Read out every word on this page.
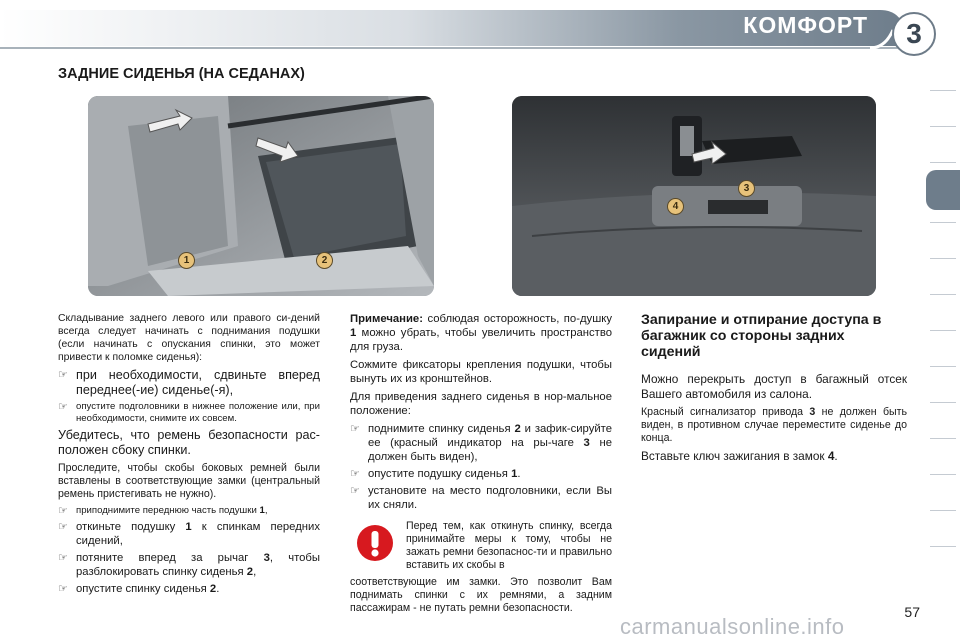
КОМФОРТ	3
ЗАДНИЕ СИДЕНЬЯ (НА СЕДАНАХ)
1	2
3
4

Складывание заднего левого или правого си-дений всегда следует начинать с поднимания подушки (если начинать с опускания спинки, это может привести к поломке сиденья):

☞ при необходимости, сдвиньте вперед переднее(-ие) сиденье(-я),
☞ опустите подголовники в нижнее положение или, при необходимости, снимите их совсем.

Убедитесь, что ремень безопасности рас-положен сбоку спинки.

Проследите, чтобы скобы боковых ремней были вставлены в соответствующие замки (центральный ремень пристегивать не нужно).

☞ приподнимите переднюю часть подушки 1,
☞ откиньте подушку 1 к спинкам передних сидений,
☞ потяните вперед за рычаг 3, чтобы разблокировать спинку сиденья 2,
☞ опустите спинку сиденья 2.

Примечание: соблюдая осторожность, по-душку 1 можно убрать, чтобы увеличить пространство для груза.

Сожмите фиксаторы крепления подушки, чтобы вынуть их из кронштейнов.

Для приведения заднего сиденья в нор-мальное положение:

☞ поднимите спинку сиденья 2 и зафик-сируйте ее (красный индикатор на ры-чаге 3 не должен быть виден),
☞ опустите подушку сиденья 1.
☞ установите на место подголовники, если Вы их сняли.

Перед тем, как откинуть спинку, всегда принимайте меры к тому, чтобы не зажать ремни безопаснос-ти и правильно вставить их скобы в

соответствующие им замки. Это позволит Вам поднимать спинки с их ремнями, а задним пассажирам - не путать ремни безопасности.

Запирание и отпирание доступа в багажник со стороны задних сидений

Можно перекрыть доступ в багажный отсек Вашего автомобиля из салона.

Красный сигнализатор привода 3 не должен быть виден, в противном случае переместите сиденье до конца.

Вставьте ключ зажигания в замок 4.

57
carmanualsonline.info
